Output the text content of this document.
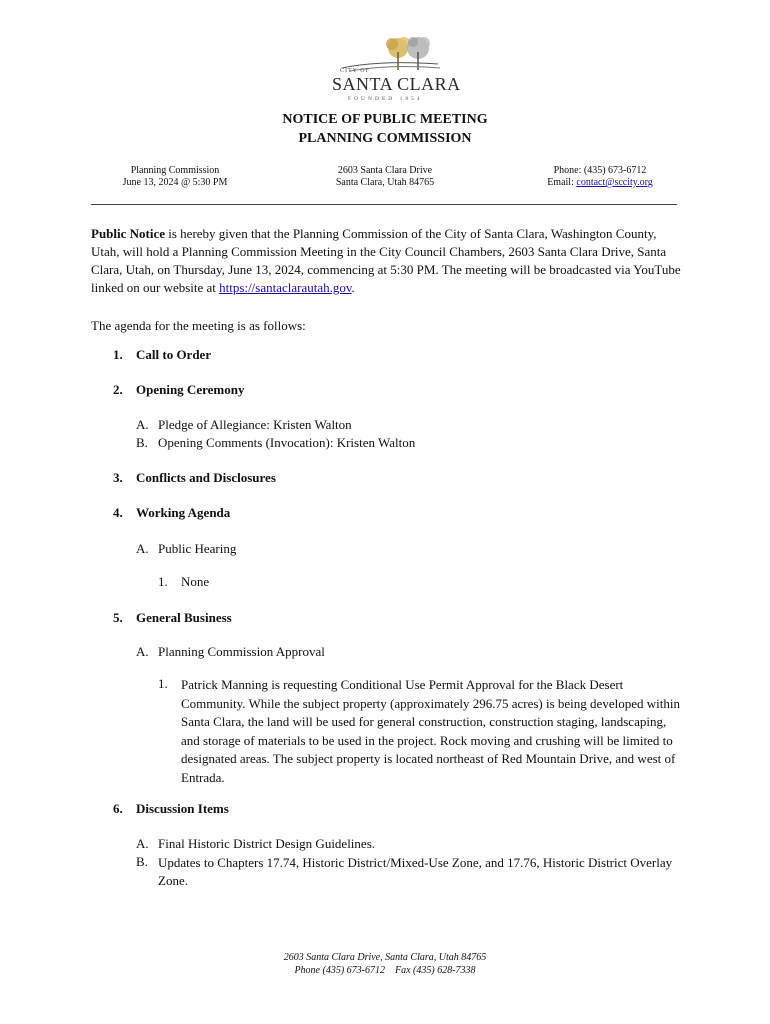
CITY OF
SANTA CLARA
FOUNDED 1854
NOTICE OF PUBLIC MEETING
PLANNING COMMISSION
Planning Commission
June 13, 2024 @ 5:30 PM
2603 Santa Clara Drive
Santa Clara, Utah 84765
Phone: (435) 673-6712
Email: contact@sccity.org
Public Notice is hereby given that the Planning Commission of the City of Santa Clara, Washington County, Utah, will hold a Planning Commission Meeting in the City Council Chambers, 2603 Santa Clara Drive, Santa Clara, Utah, on Thursday, June 13, 2024, commencing at 5:30 PM. The meeting will be broadcasted via YouTube linked on our website at https://santaclarautah.gov.
The agenda for the meeting is as follows:
1. Call to Order
2. Opening Ceremony
A. Pledge of Allegiance: Kristen Walton
B. Opening Comments (Invocation): Kristen Walton
3. Conflicts and Disclosures
4. Working Agenda
A. Public Hearing
1. None
5. General Business
A. Planning Commission Approval
1. Patrick Manning is requesting Conditional Use Permit Approval for the Black Desert Community. While the subject property (approximately 296.75 acres) is being developed within Santa Clara, the land will be used for general construction, construction staging, landscaping, and storage of materials to be used in the project. Rock moving and crushing will be limited to designated areas. The subject property is located northeast of Red Mountain Drive, and west of Entrada.
6. Discussion Items
A. Final Historic District Design Guidelines.
B. Updates to Chapters 17.74, Historic District/Mixed-Use Zone, and 17.76, Historic District Overlay Zone.
2603 Santa Clara Drive, Santa Clara, Utah 84765
Phone (435) 673-6712    Fax (435) 628-7338
